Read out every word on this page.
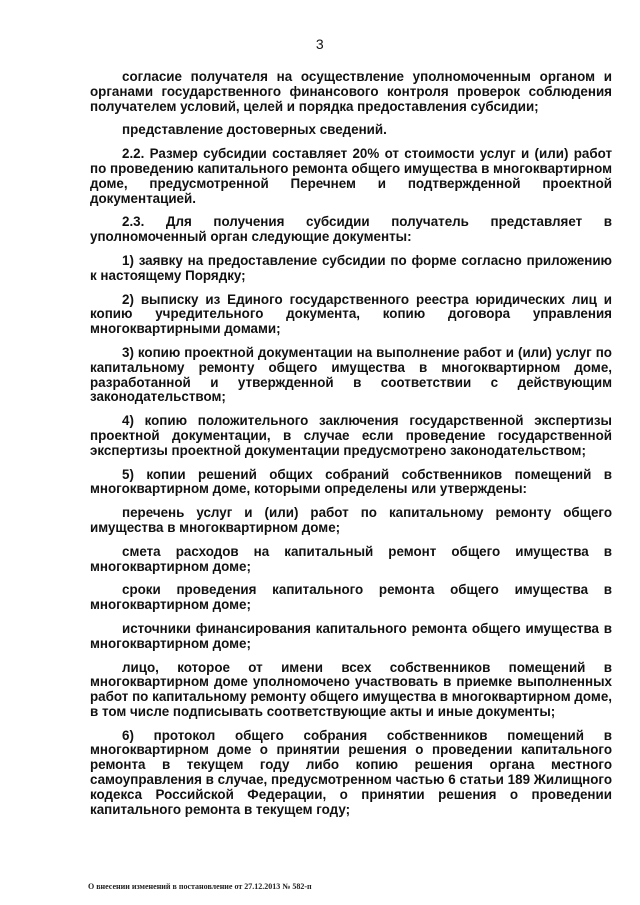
3

согласие получателя на осуществление уполномоченным органом и органами государственного финансового контроля проверок соблюдения получателем условий, целей и порядка предоставления субсидии;

представление достоверных сведений.

2.2. Размер субсидии составляет 20% от стоимости услуг и (или) работ по проведению капитального ремонта общего имущества в многоквартирном доме, предусмотренной Перечнем и подтвержденной проектной документацией.

2.3. Для получения субсидии получатель представляет в уполномоченный орган следующие документы:

1) заявку на предоставление субсидии по форме согласно приложению к настоящему Порядку;

2) выписку из Единого государственного реестра юридических лиц и копию учредительного документа, копию договора управления многоквартирными домами;

3) копию проектной документации на выполнение работ и (или) услуг по капитальному ремонту общего имущества в многоквартирном доме, разработанной и утвержденной в соответствии с действующим законодательством;

4) копию положительного заключения государственной экспертизы проектной документации, в случае если проведение государственной экспертизы проектной документации предусмотрено законодательством;

5) копии решений общих собраний собственников помещений в многоквартирном доме, которыми определены или утверждены:

перечень услуг и (или) работ по капитальному ремонту общего имущества в многоквартирном доме;

смета расходов на капитальный ремонт общего имущества в многоквартирном доме;

сроки проведения капитального ремонта общего имущества в многоквартирном доме;

источники финансирования капитального ремонта общего имущества в многоквартирном доме;

лицо, которое от имени всех собственников помещений в многоквартирном доме уполномочено участвовать в приемке выполненных работ по капитальному ремонту общего имущества в многоквартирном доме, в том числе подписывать соответствующие акты и иные документы;

6) протокол общего собрания собственников помещений в многоквартирном доме о принятии решения о проведении капитального ремонта в текущем году либо копию решения органа местного самоуправления в случае, предусмотренном частью 6 статьи 189 Жилищного кодекса Российской Федерации, о принятии решения о проведении капитального ремонта в текущем году;

О внесении изменений в постановление от 27.12.2013 № 582-п
